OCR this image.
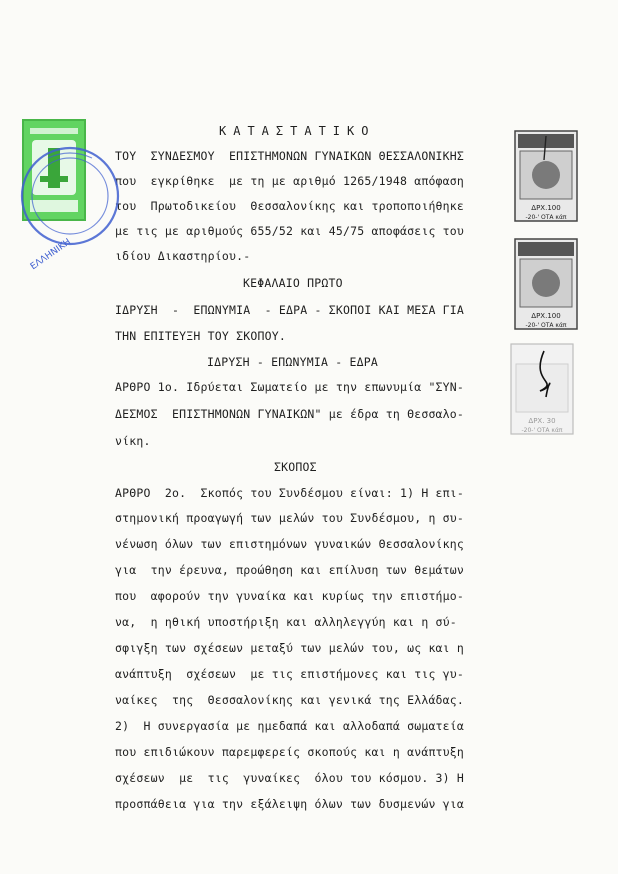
ΚΑΤΑΣΤΑΤΙΚΟ
ΤΟΥ  ΣΥΝΔΕΣΜΟΥ  ΕΠΙΣΤΗΜΟΝΩΝ ΓΥΝΑΙΚΩΝ ΘΕΣΣΑΛΟΝΙΚΗΣ
που  εγκρίθηκε  με τη με αριθμό 1265/1948 απόφαση
του  Πρωτοδικείου  Θεσσαλονίκης και τροποποιήθηκε
με τις με αριθμούς 655/52 και 45/75 αποφάσεις του
ιδίου Δικαστηρίου.-
ΚΕΦΑΛΑΙΟ ΠΡΩΤΟ
ΙΔΡΥΣΗ  -  ΕΠΩΝΥΜΙΑ  - ΕΔΡΑ - ΣΚΟΠΟΙ ΚΑΙ ΜΕΣΑ ΓΙΑ
ΤΗΝ ΕΠΙΤΕΥΞΗ ΤΟΥ ΣΚΟΠΟΥ.
ΙΔΡΥΣΗ - ΕΠΩΝΥΜΙΑ - ΕΔΡΑ
ΑΡΘΡΟ 1ο. Ιδρύεται Σωματείο με την επωνυμία "ΣΥΝ-
ΔΕΣΜΟΣ  ΕΠΙΣΤΗΜΟΝΩΝ ΓΥΝΑΙΚΩΝ" με έδρα τη Θεσσαλο-
νίκη.
ΣΚΟΠΟΣ
ΑΡΘΡΟ  2ο.  Σκοπός του Συνδέσμου είναι: 1) Η επι-
στημονική προαγωγή των μελών του Συνδέσμου, η συ-
νένωση όλων των επιστημόνων γυναικών Θεσσαλονίκης
για  την έρευνα, προώθηση και επίλυση των θεμάτων
που  αφορούν την γυναίκα και κυρίως την επιστήμο-
να,  η ηθική υποστήριξη και αλληλεγγύη και η σύ-
σφιγξη των σχέσεων μεταξύ των μελών του, ως και η
ανάπτυξη  σχέσεων  με τις επιστήμονες και τις γυ-
ναίκες  της  Θεσσαλονίκης και γενικά της Ελλάδας.
2)  Η συνεργασία με ημεδαπά και αλλοδαπά σωματεία
που επιδιώκουν παρεμφερείς σκοπούς και η ανάπτυξη
σχέσεων  με  τις  γυναίκες  όλου του κόσμου. 3) Η
προσπάθεια για την εξάλειψη όλων των δυσμενών για
ΕΛΛΗΝΙΚΗ
ΔΡΧ.100
-20-' ΟΤΑ κάπ
ΔΡΧ.100
-20-' ΟΤΑ κάπ
ΔΡΧ. 30
-20-' ΟΤΑ κάπ
